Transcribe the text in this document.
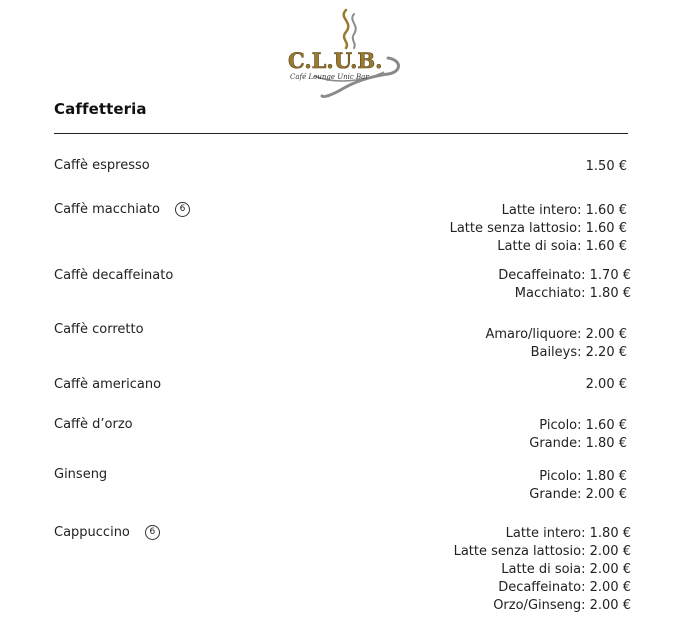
C.L.U.B.
Café Lounge Unic Bar
Caffetteria
Caffè espresso	1.50 €
Caffè macchiato	6	Latte intero: 1.60 €
Latte senza lattosio: 1.60 €
Latte di soia: 1.60 €
Caffè decaffeinato	Decaffeinato: 1.70 €
Macchiato: 1.80 €
Caffè corretto	Amaro/liquore: 2.00 €
Baileys: 2.20 €
Caffè americano	2.00 €
Caffè d’orzo	Picolo: 1.60 €
Grande: 1.80 €
Ginseng	Picolo: 1.80 €
Grande: 2.00 €
Cappuccino	6	Latte intero: 1.80 €
Latte senza lattosio: 2.00 €
Latte di soia: 2.00 €
Decaffeinato: 2.00 €
Orzo/Ginseng: 2.00 €
